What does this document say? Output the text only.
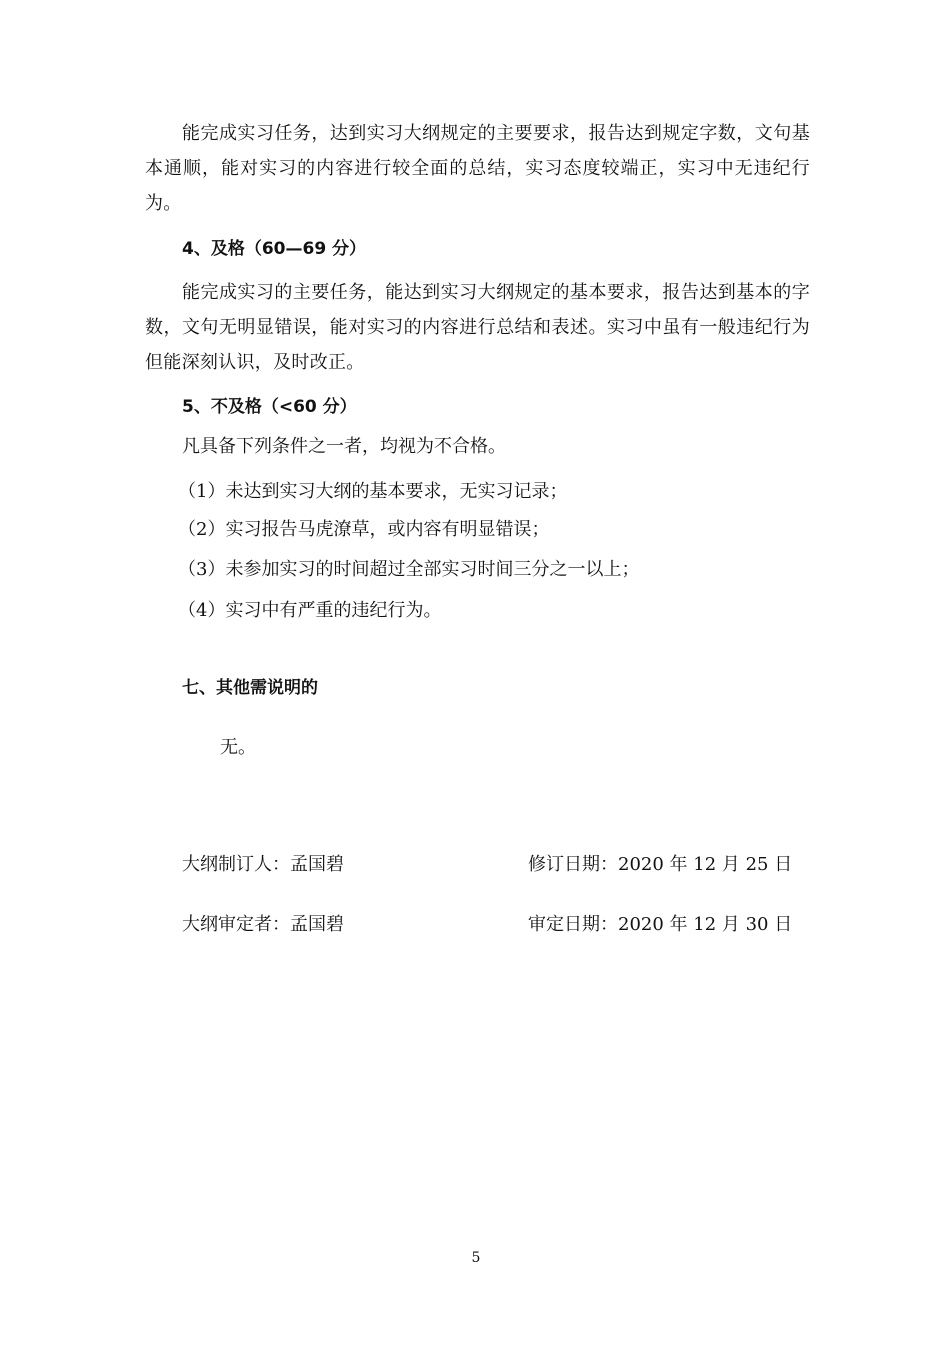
能完成实习任务，达到实习大纲规定的主要要求，报告达到规定字数，文句基本通顺，能对实习的内容进行较全面的总结，实习态度较端正，实习中无违纪行为。
4、及格（60—69 分）
能完成实习的主要任务，能达到实习大纲规定的基本要求，报告达到基本的字数，文句无明显错误，能对实习的内容进行总结和表述。实习中虽有一般违纪行为但能深刻认识，及时改正。
5、不及格（<60 分）
凡具备下列条件之一者，均视为不合格。
（1）未达到实习大纲的基本要求，无实习记录；
（2）实习报告马虎潦草，或内容有明显错误；
（3）未参加实习的时间超过全部实习时间三分之一以上；
（4）实习中有严重的违纪行为。
七、其他需说明的
无。
大纲制订人：孟国碧	修订日期：2020 年 12 月 25 日
大纲审定者：孟国碧	审定日期：2020 年 12 月 30 日
5
